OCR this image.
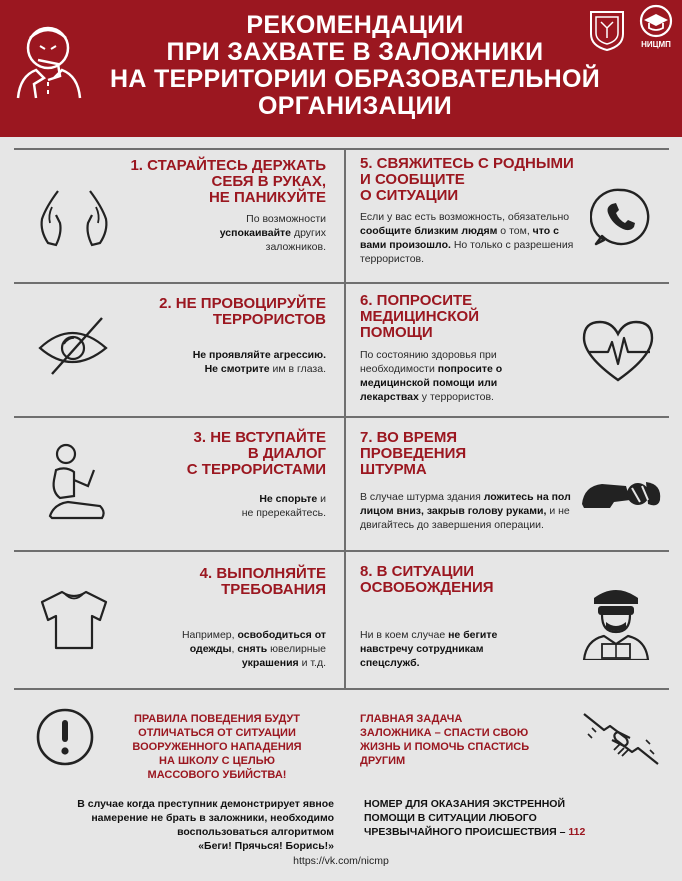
РЕКОМЕНДАЦИИ
ПРИ ЗАХВАТЕ В ЗАЛОЖНИКИ
НА ТЕРРИТОРИИ ОБРАЗОВАТЕЛЬНОЙ
ОРГАНИЗАЦИИ
НИЦМП
1. СТАРАЙТЕСЬ ДЕРЖАТЬ
СЕБЯ В РУКАХ,
НЕ ПАНИКУЙТЕ
По возможности
успокаивайте других заложников.
2. НЕ ПРОВОЦИРУЙТЕ
ТЕРРОРИСТОВ
Не проявляйте агрессию.
Не смотрите им в глаза.
3. НЕ ВСТУПАЙТЕ
В ДИАЛОГ
С ТЕРРОРИСТАМИ
Не спорьте и
не пререкайтесь.
4. ВЫПОЛНЯЙТЕ
ТРЕБОВАНИЯ
Например, освободиться от одежды, снять ювелирные украшения и т.д.
5. СВЯЖИТЕСЬ С РОДНЫМИ
И СООБЩИТЕ
О СИТУАЦИИ
Если у вас есть возможность, обязательно сообщите близким людям о том, что с вами произошло. Но только с разрешения террористов.
6. ПОПРОСИТЕ
МЕДИЦИНСКОЙ
ПОМОЩИ
По состоянию здоровья при необходимости попросите о медицинской помощи или лекарствах у террористов.
7. ВО ВРЕМЯ
ПРОВЕДЕНИЯ
ШТУРМА
В случае штурма здания ложитесь на пол лицом вниз, закрыв голову руками, и не двигайтесь до завершения операции.
8. В СИТУАЦИИ
ОСВОБОЖДЕНИЯ
Ни в коем случае не бегите навстречу сотрудникам спецслужб.
ПРАВИЛА ПОВЕДЕНИЯ БУДУТ
ОТЛИЧАТЬСЯ ОТ СИТУАЦИИ
ВООРУЖЕННОГО НАПАДЕНИЯ
НА ШКОЛУ С ЦЕЛЬЮ
МАССОВОГО УБИЙСТВА!
ГЛАВНАЯ ЗАДАЧА
ЗАЛОЖНИКА – СПАСТИ СВОЮ
ЖИЗНЬ И ПОМОЧЬ СПАСТИСЬ
ДРУГИМ
В случае когда преступник демонстрирует явное
намерение не брать в заложники, необходимо
воспользоваться алгоритмом
«Беги! Прячься! Борись!»
НОМЕР ДЛЯ ОКАЗАНИЯ ЭКСТРЕННОЙ
ПОМОЩИ В СИТУАЦИИ ЛЮБОГО
ЧРЕЗВЫЧАЙНОГО ПРОИСШЕСТВИЯ – 112
https://vk.com/nicmp
